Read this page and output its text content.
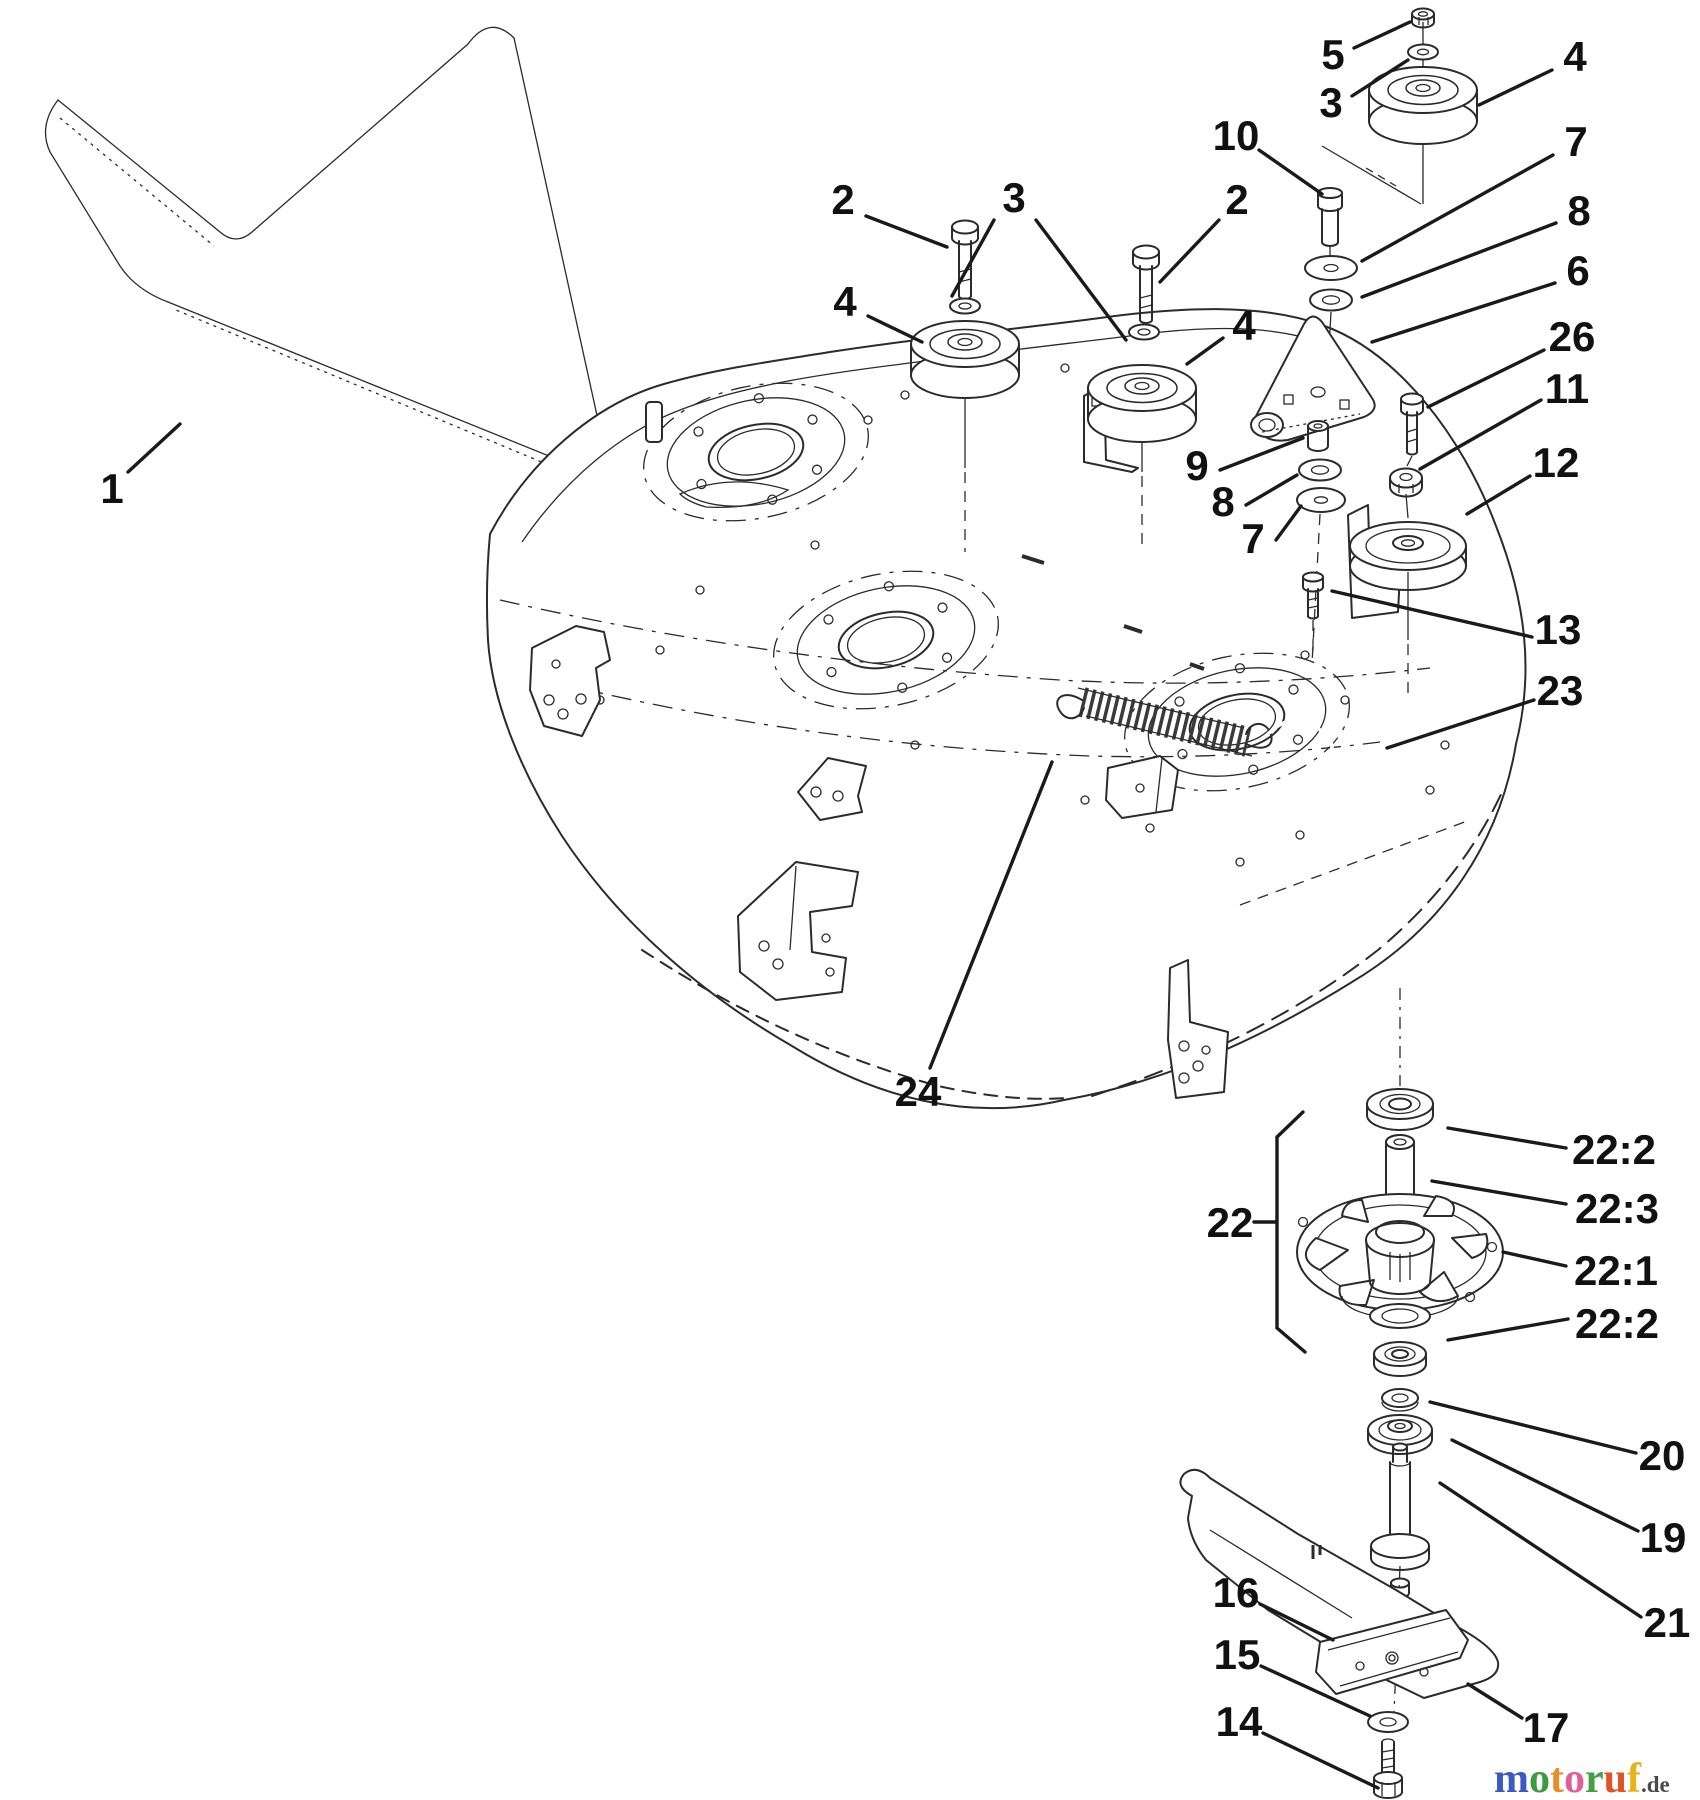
1
2	3	2
4
4
5
3
4
10	7
8
6
26
11
12
13
23
9
8
7
24
22
22:2
22:3
22:1
22:2
20
19
21
16
15
14	17
motoruf.de
